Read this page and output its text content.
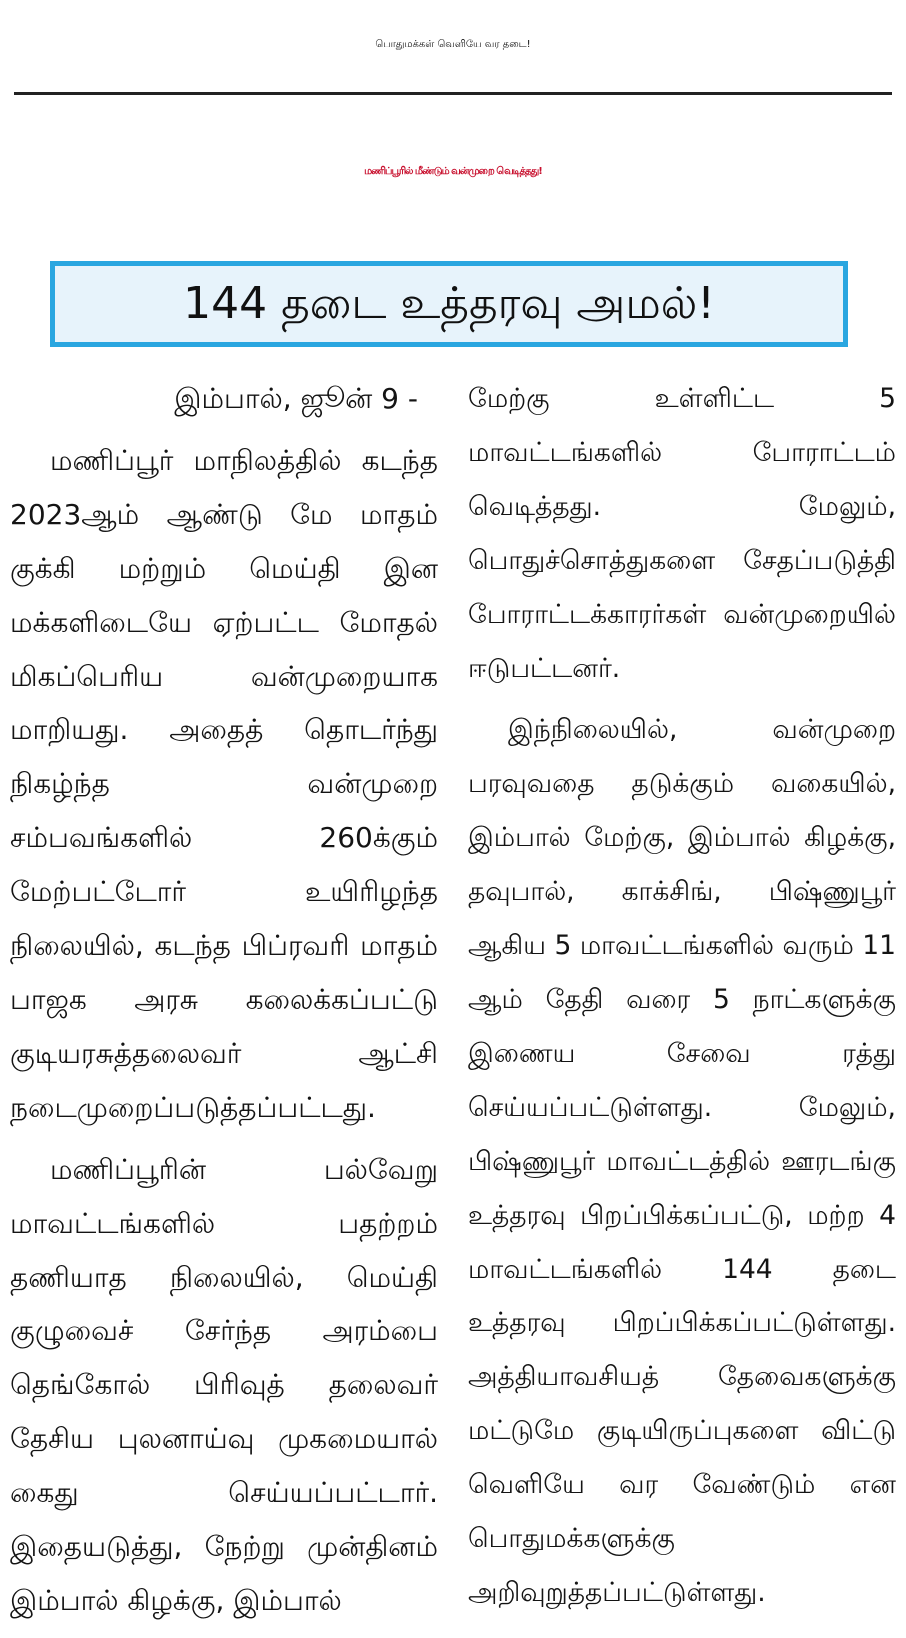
பொதுமக்கள் வெளியே வர தடை!
மணிப்பூரில் மீண்டும் வன்முறை வெடித்தது!
144 தடை உத்தரவு அமல்!

இம்பால், ஜூன் 9 -

மணிப்பூர் மாநிலத்தில் கடந்த 2023ஆம் ஆண்டு மே மாதம் குக்கி மற்றும் மெய்தி இன மக்களிடையே ஏற்பட்ட மோதல் மிகப்பெரிய வன்முறையாக மாறியது. அதைத் தொடர்ந்து நிகழ்ந்த வன்முறை சம்பவங்களில் 260க்கும் மேற்பட்டோர் உயிரிழந்த நிலையில், கடந்த பிப்ரவரி மாதம் பாஜக அரசு கலைக்கப்பட்டு குடியரசுத்தலைவர் ஆட்சி நடைமுறைப்படுத்தப்பட்டது.

மணிப்பூரின் பல்வேறு மாவட்டங்களில் பதற்றம் தணியாத நிலையில், மெய்தி குழுவைச் சேர்ந்த அரம்பை தெங்கோல் பிரிவுத் தலைவர் தேசிய புலனாய்வு முகமையால் கைது செய்யப்பட்டார். இதையடுத்து, நேற்று முன்தினம் இம்பால் கிழக்கு, இம்பால்

மேற்கு உள்ளிட்ட 5 மாவட்டங்களில் போராட்டம் வெடித்தது. மேலும், பொதுச்சொத்துகளை சேதப்படுத்தி போராட்டக்காரர்கள் வன்முறையில் ஈடுபட்டனர்.

இந்நிலையில், வன்முறை பரவுவதை தடுக்கும் வகையில், இம்பால் மேற்கு, இம்பால் கிழக்கு, தவுபால், காக்சிங், பிஷ்ணுபூர் ஆகிய 5 மாவட்டங்களில் வரும் 11 ஆம் தேதி வரை 5 நாட்களுக்கு இணைய சேவை ரத்து செய்யப்பட்டுள்ளது. மேலும், பிஷ்ணுபூர் மாவட்டத்தில் ஊரடங்கு உத்தரவு பிறப்பிக்கப்பட்டு, மற்ற 4 மாவட்டங்களில் 144 தடை உத்தரவு பிறப்பிக்கப்பட்டுள்ளது. அத்தியாவசியத் தேவைகளுக்கு மட்டுமே குடியிருப்புகளை விட்டு வெளியே வர வேண்டும் என பொதுமக்களுக்கு அறிவுறுத்தப்பட்டுள்ளது.
